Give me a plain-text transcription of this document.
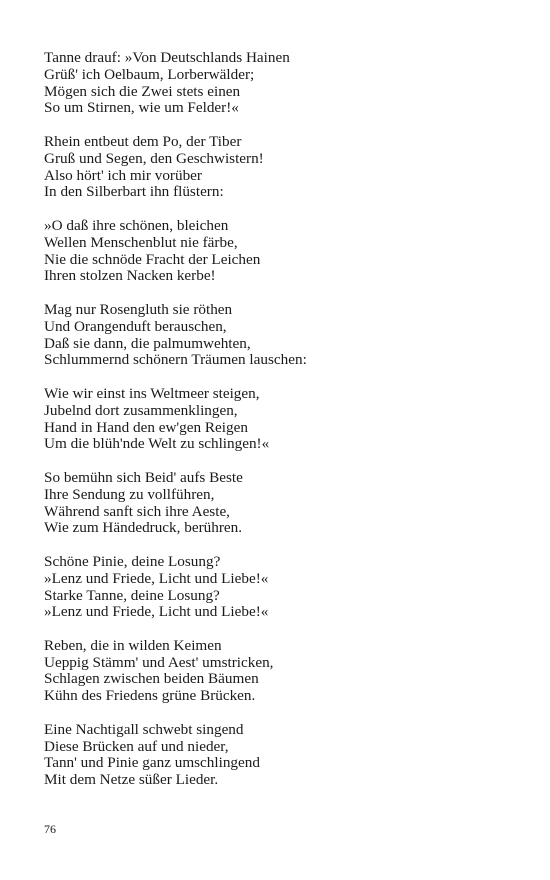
Tanne drauf: »Von Deutschlands Hainen
Grüß' ich Oelbaum, Lorberwälder;
Mögen sich die Zwei stets einen
So um Stirnen, wie um Felder!«
Rhein entbeut dem Po, der Tiber
Gruß und Segen, den Geschwistern!
Also hört' ich mir vorüber
In den Silberbart ihn flüstern:
»O daß ihre schönen, bleichen
Wellen Menschenblut nie färbe,
Nie die schnöde Fracht der Leichen
Ihren stolzen Nacken kerbe!
Mag nur Rosengluth sie röthen
Und Orangenduft berauschen,
Daß sie dann, die palmumwehten,
Schlummernd schönern Träumen lauschen:
Wie wir einst ins Weltmeer steigen,
Jubelnd dort zusammenklingen,
Hand in Hand den ew'gen Reigen
Um die blüh'nde Welt zu schlingen!«
So bemühn sich Beid' aufs Beste
Ihre Sendung zu vollführen,
Während sanft sich ihre Aeste,
Wie zum Händedruck, berühren.
Schöne Pinie, deine Losung?
»Lenz und Friede, Licht und Liebe!«
Starke Tanne, deine Losung?
»Lenz und Friede, Licht und Liebe!«
Reben, die in wilden Keimen
Ueppig Stämm' und Aest' umstricken,
Schlagen zwischen beiden Bäumen
Kühn des Friedens grüne Brücken.
Eine Nachtigall schwebt singend
Diese Brücken auf und nieder,
Tann' und Pinie ganz umschlingend
Mit dem Netze süßer Lieder.
76
